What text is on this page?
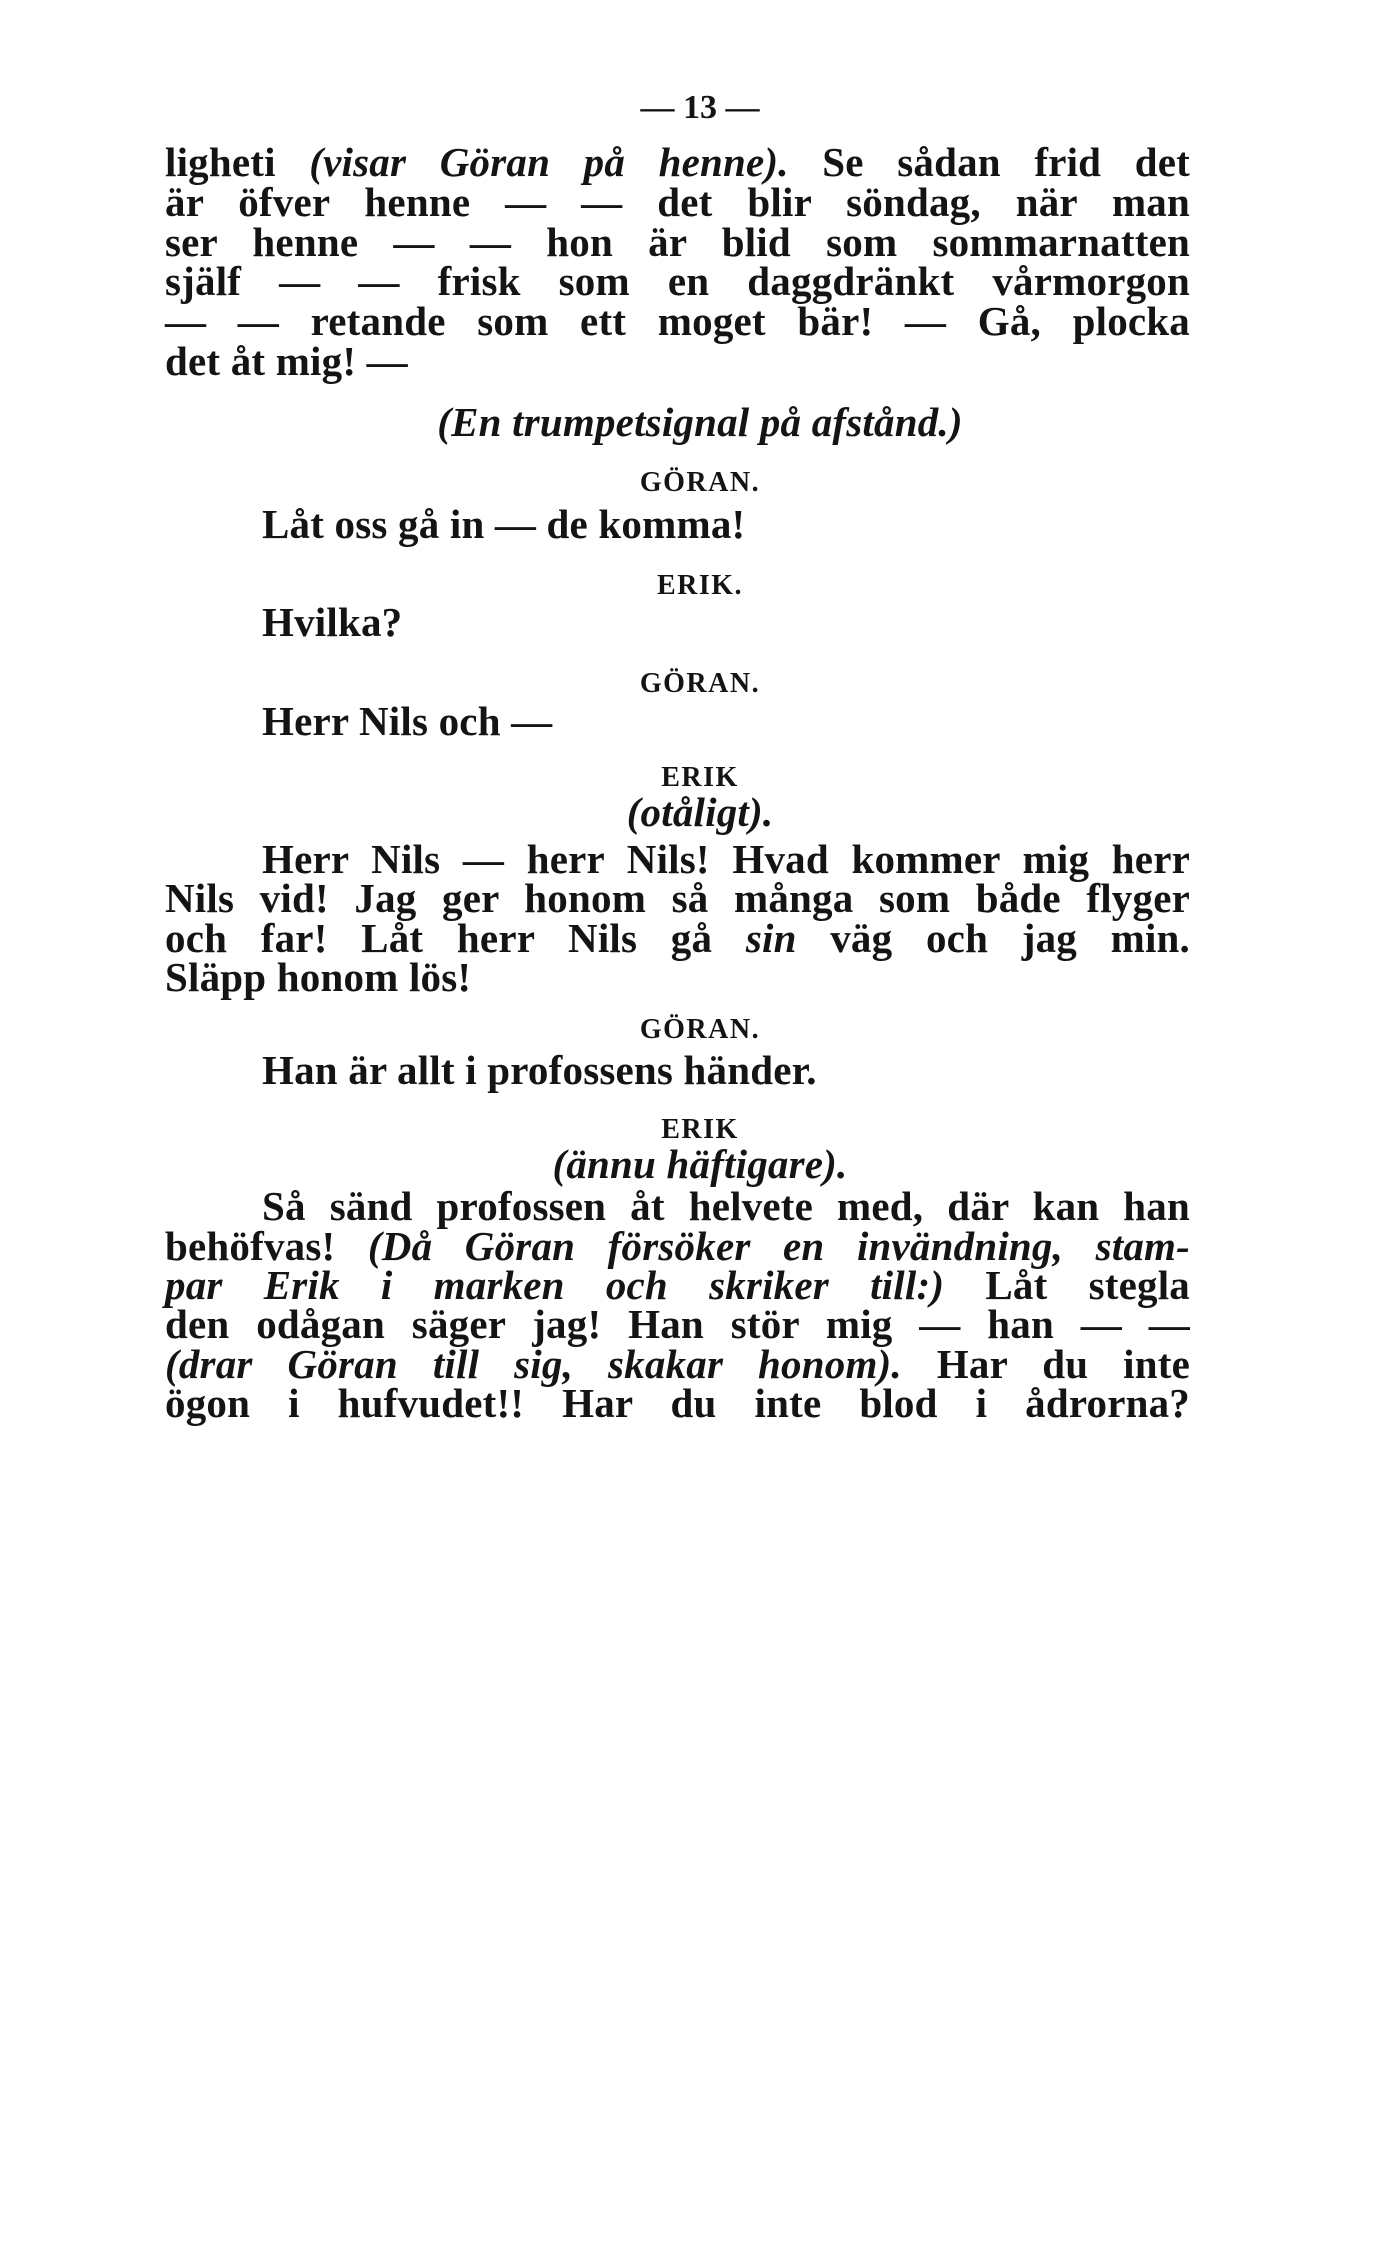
— 13 —
ligheti (visar Göran på henne). Se sådan frid det
är öfver henne — — det blir söndag, när man
ser henne — — hon är blid som sommarnatten
själf — — frisk som en daggdränkt vårmorgon
— — retande som ett moget bär! — Gå, plocka
det åt mig! —
(En trumpetsignal på afstånd.)
GÖRAN.
Låt oss gå in — de komma!
ERIK.
Hvilka?
GÖRAN.
Herr Nils och —
ERIK
(otåligt).
Herr Nils — herr Nils! Hvad kommer mig herr
Nils vid! Jag ger honom så många som både flyger
och far! Låt herr Nils gå sin väg och jag min.
Släpp honom lös!
GÖRAN.
Han är allt i profossens händer.
ERIK
(ännu häftigare).
Så sänd profossen åt helvete med, där kan han
behöfvas! (Då Göran försöker en invändning, stam-
par Erik i marken och skriker till:) Låt stegla
den odågan säger jag! Han stör mig — han — —
(drar Göran till sig, skakar honom). Har du inte
ögon i hufvudet!! Har du inte blod i ådrorna?
